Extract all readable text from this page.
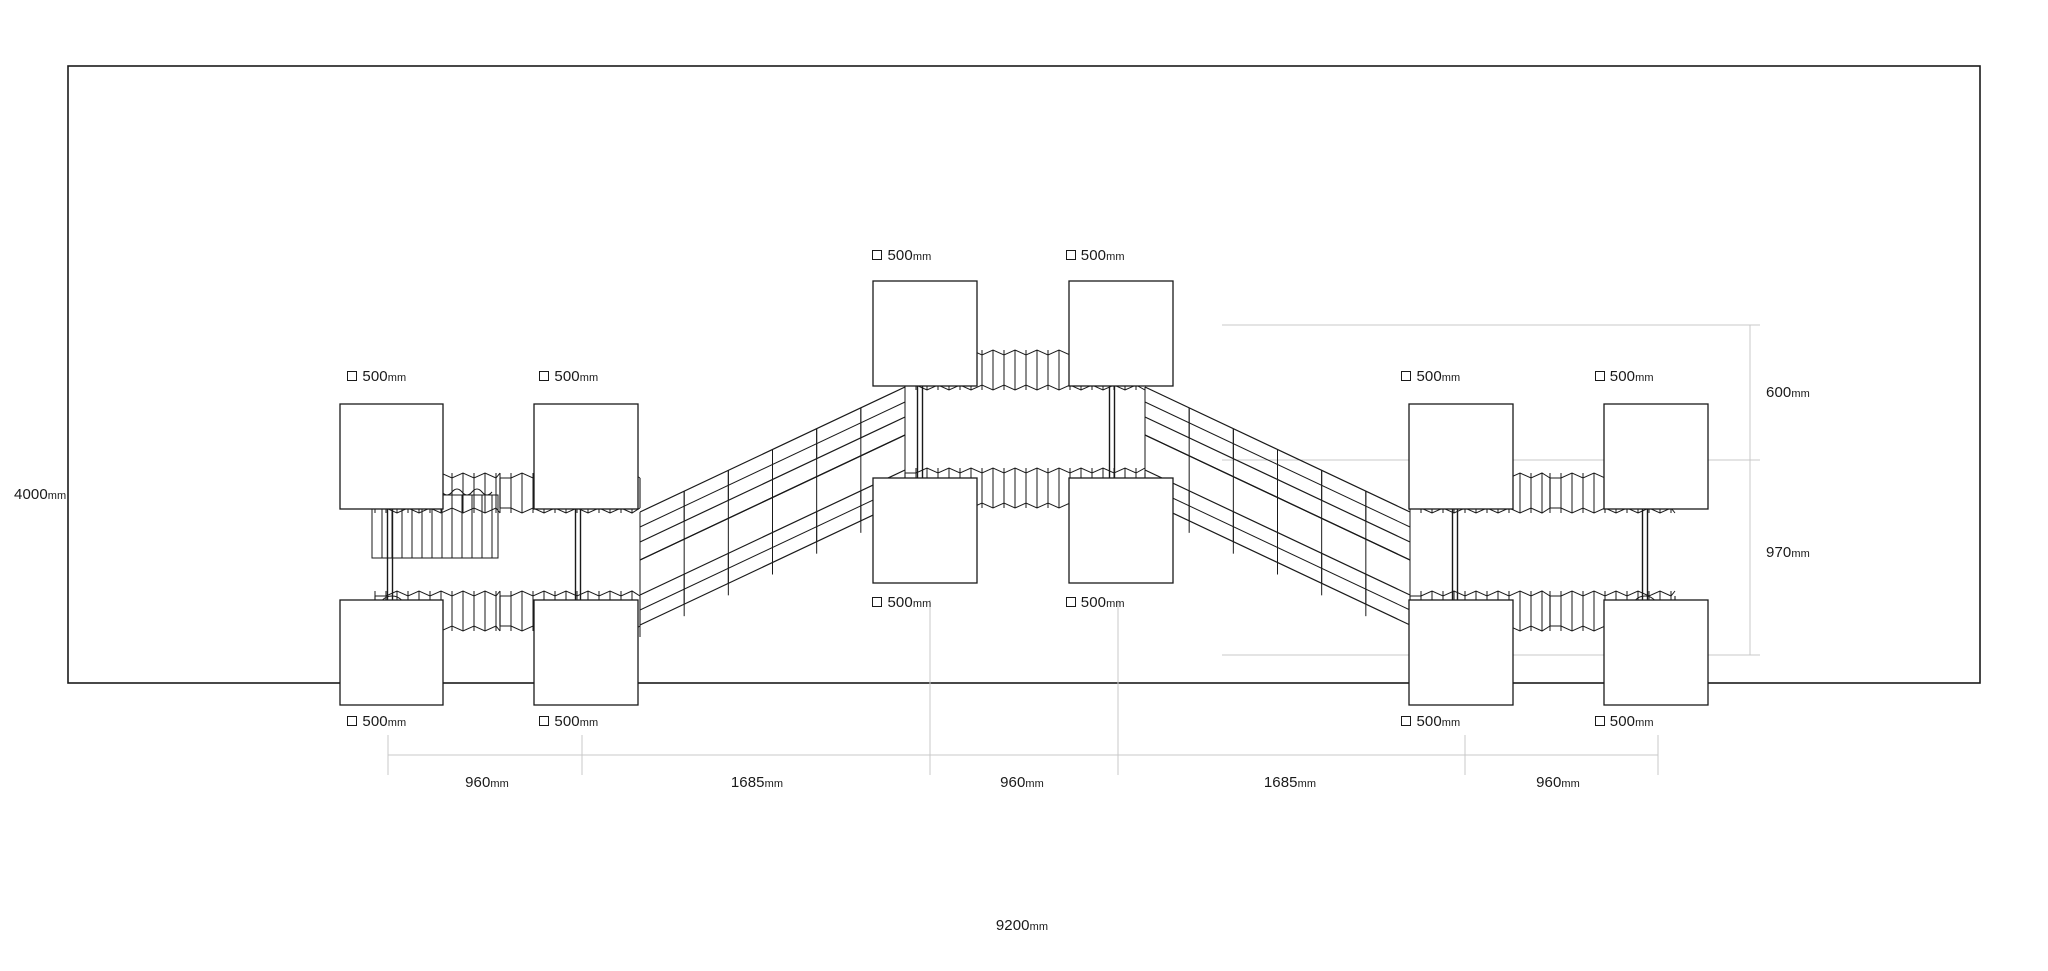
4000mm
9200mm
600mm
970mm
960mm	1685mm	960mm	1685mm	960mm
500mm	500mm
500mm	500mm
500mm	500mm
500mm	500mm
500mm	500mm	500mm	500mm
